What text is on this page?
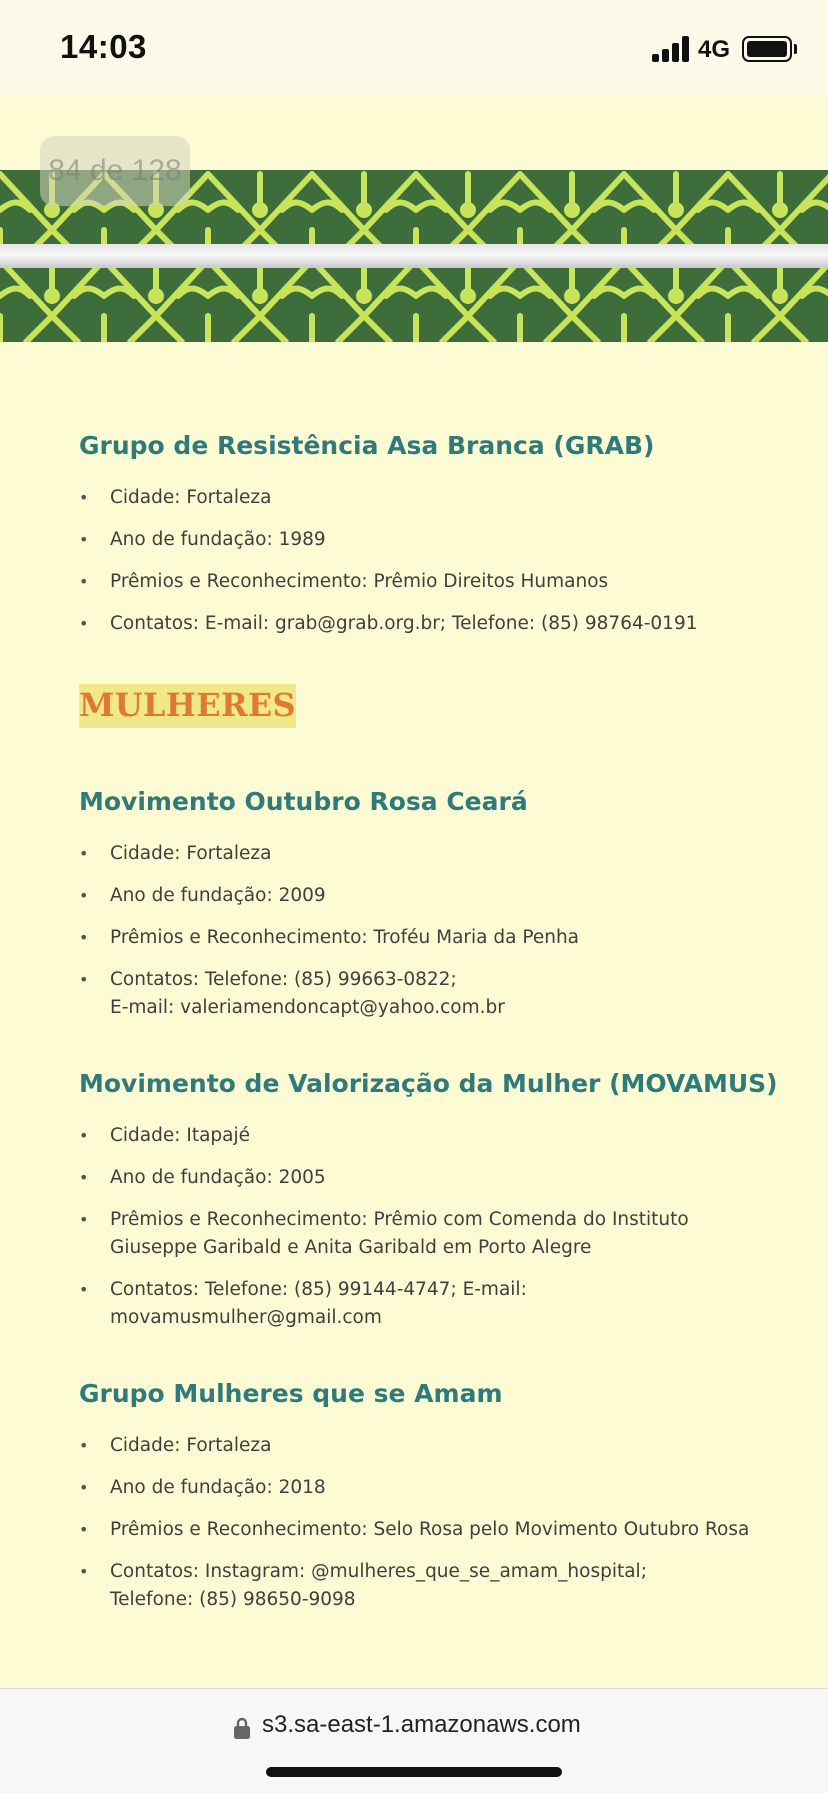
14:03	4G
84 de 128
Grupo de Resistência Asa Branca (GRAB)
• Cidade: Fortaleza
• Ano de fundação: 1989
• Prêmios e Reconhecimento: Prêmio Direitos Humanos
• Contatos: E-mail: grab@grab.org.br; Telefone: (85) 98764-0191
MULHERES
Movimento Outubro Rosa Ceará
• Cidade: Fortaleza
• Ano de fundação: 2009
• Prêmios e Reconhecimento: Troféu Maria da Penha
• Contatos: Telefone: (85) 99663-0822;
E-mail: valeriamendoncapt@yahoo.com.br
Movimento de Valorização da Mulher (MOVAMUS)
• Cidade: Itapajé
• Ano de fundação: 2005
• Prêmios e Reconhecimento: Prêmio com Comenda do Instituto Giuseppe Garibald e Anita Garibald em Porto Alegre
• Contatos: Telefone: (85) 99144-4747; E-mail: movamusmulher@gmail.com
Grupo Mulheres que se Amam
• Cidade: Fortaleza
• Ano de fundação: 2018
• Prêmios e Reconhecimento: Selo Rosa pelo Movimento Outubro Rosa
• Contatos: Instagram: @mulheres_que_se_amam_hospital;
Telefone: (85) 98650-9098
s3.sa-east-1.amazonaws.com
